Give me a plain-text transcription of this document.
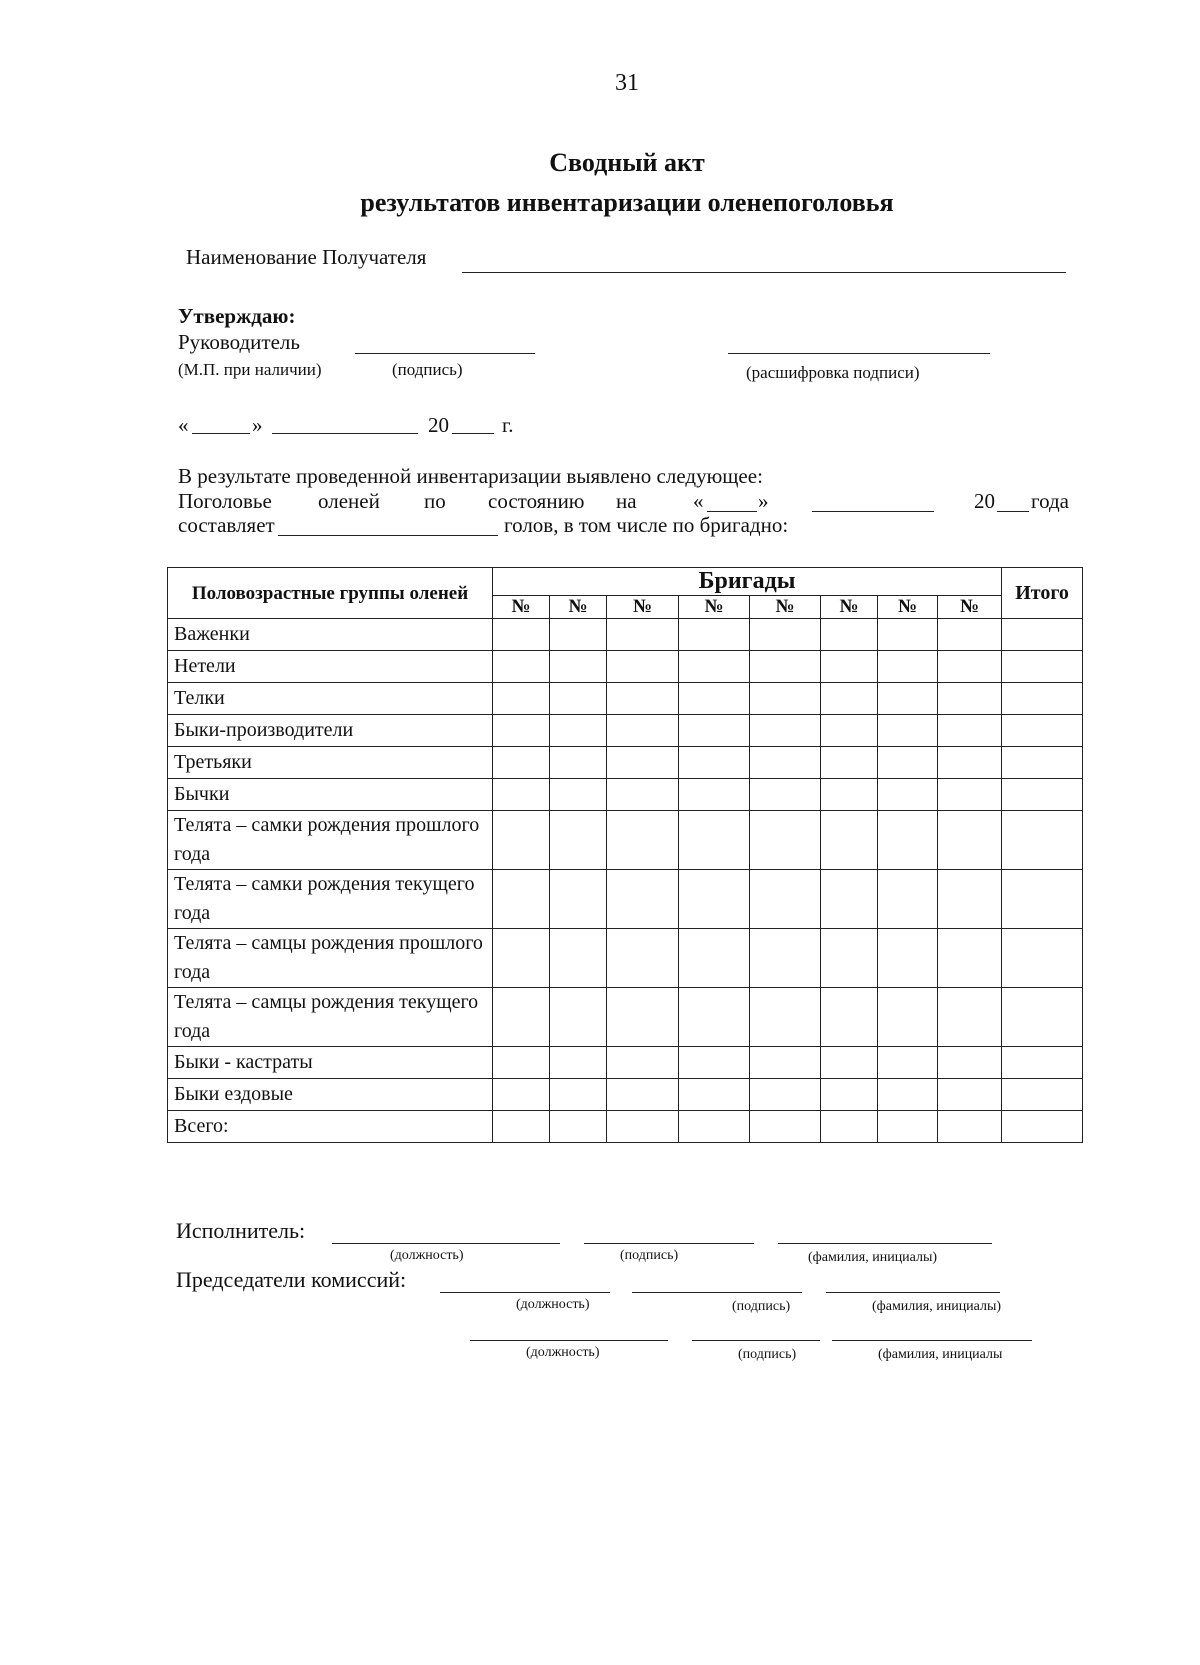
31
Сводный акт
результатов инвентаризации оленепоголовья
Наименование Получателя
Утверждаю:
Руководитель
(М.П. при наличии)	(подпись)	(расшифровка подписи)
«	»	20	г.
В результате проведенной инвентаризации выявлено следующее:
Поголовье оленей по состоянию на	«	»	20 года
составляет	голов, в том числе по бригадно:
Половозрастные группы оленей	Бригады								Итого
	№	№	№	№	№	№	№	№	
Важенки									
Нетели									
Телки									
Быки-производители									
Третьяки									
Бычки									
Телята – самки рождения прошлого года									
Телята – самки рождения текущего года									
Телята – самцы рождения прошлого года									
Телята – самцы рождения текущего года									
Быки - кастраты									
Быки ездовые									
Всего:									
Исполнитель:
(должность)	(подпись)	(фамилия, инициалы)
Председатели комиссий:
(должность)	(подпись)	(фамилия, инициалы)
(должность)	(подпись)	(фамилия, инициалы
